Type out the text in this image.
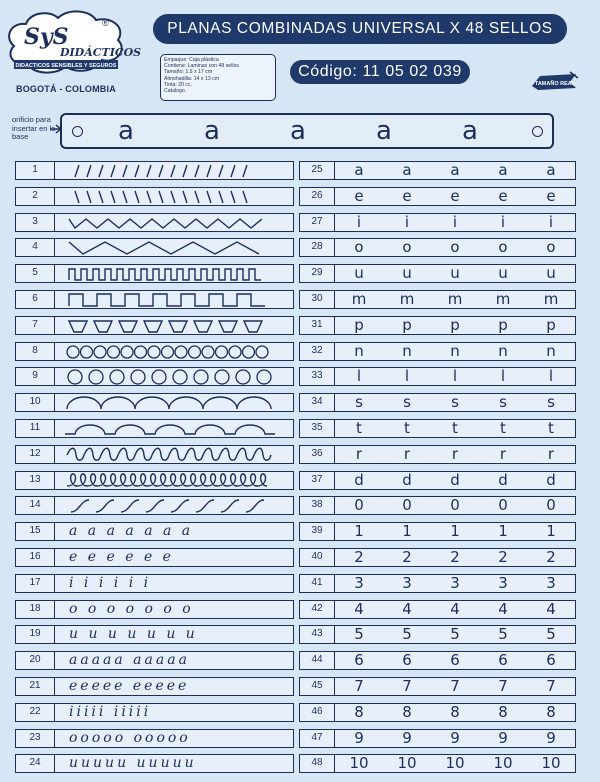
SyS
DIDÁCTICOS
®
DIDACTICOS SENSIBLES Y SEGUROS
BOGOTÁ - COLOMBIA
PLANAS COMBINADAS UNIVERSAL X 48 SELLOS
Empaque: Caja plástica
Contiene: Laminas con 48 sellos
Tamaño: 1.5 x 17 cm
Almohadilla: 14 x 13 cm
Tinta: 20 cc.
Catalogo.
Código: 11 05 02 039
TAMAÑO REAL
orificio para insertar en la base	a	a	a	a	a
1
2
3
4
5
6
7
8
9
10
11
12
13
14
15	a a a a a a a
16	e e e e e e
17	i i i i i i
18	o o o o o o o
19	u u u u u u u
20	aaaaa aaaaa
21	eeeee eeeee
22	iiiii iiiii
23	ooooo ooooo
24	uuuuu uuuuu
25	a	a	a	a	a
26	e	e	e	e	e
27	i	i	i	i	i
28	o	o	o	o	o
29	u	u	u	u	u
30	m	m	m	m	m
31	p	p	p	p	p
32	n	n	n	n	n
33	l	l	l	l	l
34	s	s	s	s	s
35	t	t	t	t	t
36	r	r	r	r	r
37	d	d	d	d	d
38	0	0	0	0	0
39	1	1	1	1	1
40	2	2	2	2	2
41	3	3	3	3	3
42	4	4	4	4	4
43	5	5	5	5	5
44	6	6	6	6	6
45	7	7	7	7	7
46	8	8	8	8	8
47	9	9	9	9	9
48	10	10	10	10	10
